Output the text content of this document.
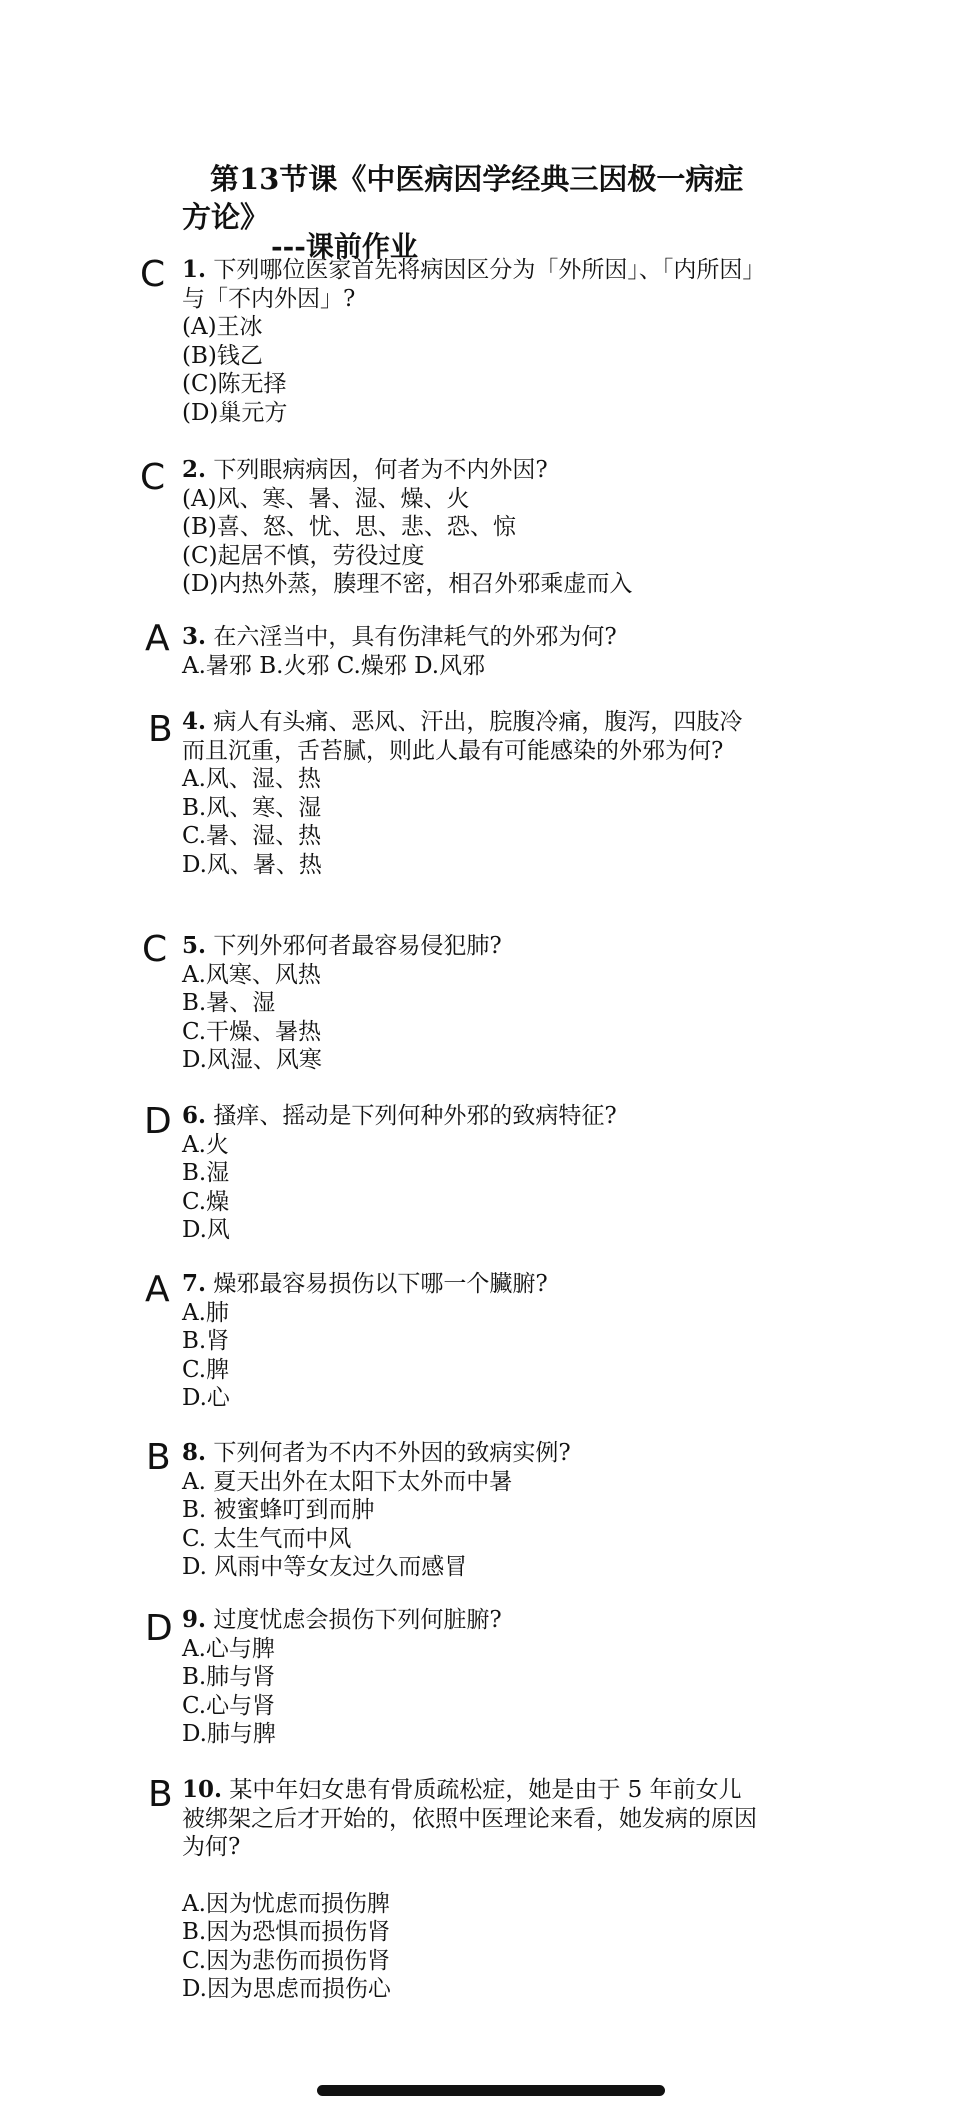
第13节课《中医病因学经典三因极一病症
方论》
---课前作业
C 1. 下列哪位医家首先将病因区分为「外所因」、「内所因」与「不内外因」?
(A)王冰
(B)钱乙
(C)陈无择
(D)巢元方
C 2. 下列眼病病因，何者为不内外因?
(A)风、寒、暑、湿、燥、火
(B)喜、怒、忧、思、悲、恐、惊
(C)起居不慎，劳役过度
(D)内热外蒸，腠理不密，相召外邪乘虚而入
A 3. 在六淫当中，具有伤津耗气的外邪为何?
A.暑邪 B.火邪 C.燥邪 D.风邪
B 4. 病人有头痛、恶风、汗出，脘腹冷痛，腹泻，四肢冷而且沉重，舌苔腻，则此人最有可能感染的外邪为何?
A.风、湿、热
B.风、寒、湿
C.暑、湿、热
D.风、暑、热
C 5. 下列外邪何者最容易侵犯肺?
A.风寒、风热
B.暑、湿
C.干燥、暑热
D.风湿、风寒
D 6. 搔痒、摇动是下列何种外邪的致病特征?
A.火
B.湿
C.燥
D.风
A 7. 燥邪最容易损伤以下哪一个臟腑?
A.肺
B.肾
C.脾
D.心
B 8. 下列何者为不内不外因的致病实例?
A. 夏天出外在太阳下太外而中暑
B. 被蜜蜂叮到而肿
C. 太生气而中风
D. 风雨中等女友过久而感冒
D 9. 过度忧虑会损伤下列何脏腑?
A.心与脾
B.肺与肾
C.心与肾
D.肺与脾
B 10. 某中年妇女患有骨质疏松症，她是由于 5 年前女儿被绑架之后才开始的，依照中医理论来看，她发病的原因为何?
A.因为忧虑而损伤脾
B.因为恐惧而损伤肾
C.因为悲伤而损伤肾
D.因为思虑而损伤心
